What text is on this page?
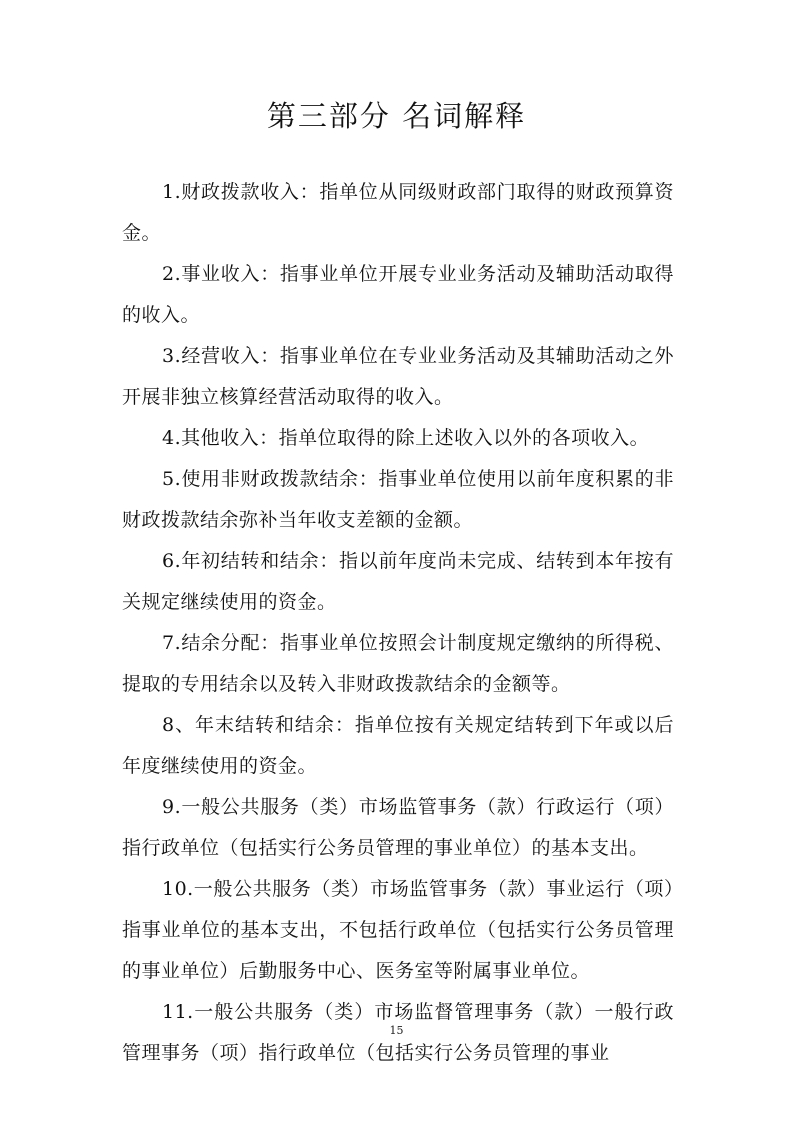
第三部分 名词解释

1.财政拨款收入：指单位从同级财政部门取得的财政预算资金。

2.事业收入：指事业单位开展专业业务活动及辅助活动取得的收入。

3.经营收入：指事业单位在专业业务活动及其辅助活动之外开展非独立核算经营活动取得的收入。

4.其他收入：指单位取得的除上述收入以外的各项收入。

5.使用非财政拨款结余：指事业单位使用以前年度积累的非财政拨款结余弥补当年收支差额的金额。

6.年初结转和结余：指以前年度尚未完成、结转到本年按有关规定继续使用的资金。

7.结余分配：指事业单位按照会计制度规定缴纳的所得税、提取的专用结余以及转入非财政拨款结余的金额等。

8、年末结转和结余：指单位按有关规定结转到下年或以后年度继续使用的资金。

9.一般公共服务（类）市场监管事务（款）行政运行（项）指行政单位（包括实行公务员管理的事业单位）的基本支出。

10.一般公共服务（类）市场监管事务（款）事业运行（项）指事业单位的基本支出，不包括行政单位（包括实行公务员管理的事业单位）后勤服务中心、医务室等附属事业单位。

11.一般公共服务（类）市场监督管理事务（款）一般行政管理事务（项）指行政单位（包括实行公务员管理的事业

15
